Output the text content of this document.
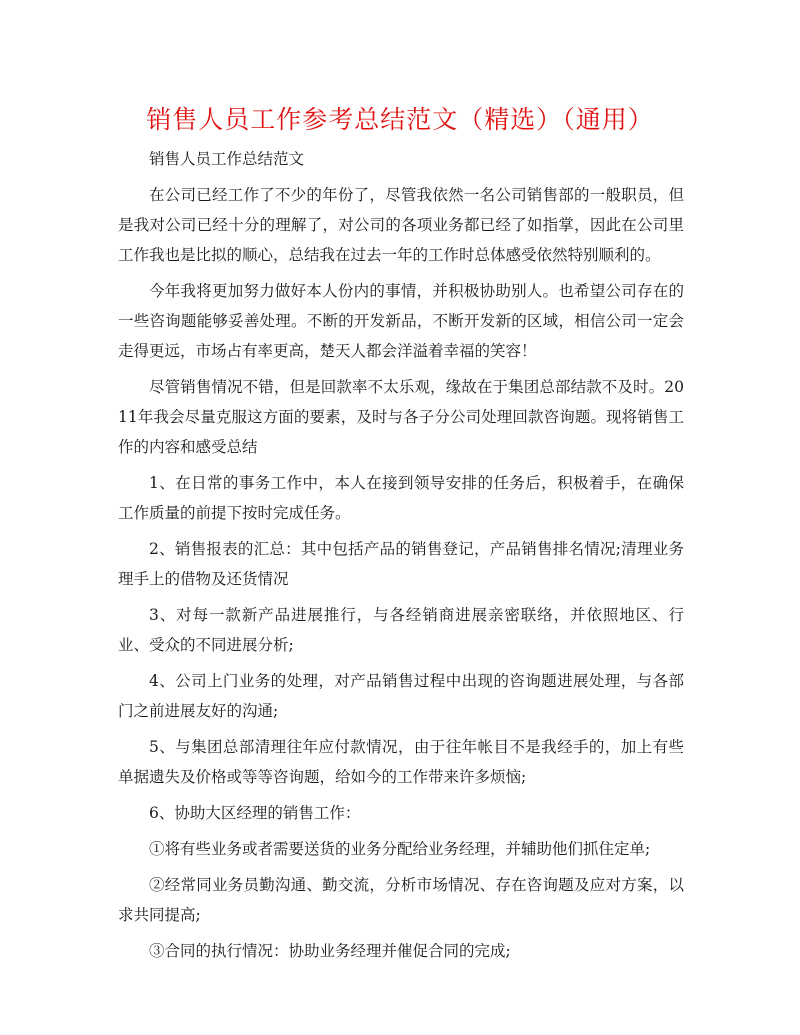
销售人员工作参考总结范文（精选）（通用）

销售人员工作总结范文

在公司已经工作了不少的年份了，尽管我依然一名公司销售部的一般职员，但是我对公司已经十分的理解了，对公司的各项业务都已经了如指掌，因此在公司里工作我也是比拟的顺心，总结我在过去一年的工作时总体感受依然特别顺利的。

今年我将更加努力做好本人份内的事情，并积极协助别人。也希望公司存在的一些咨询题能够妥善处理。不断的开发新品，不断开发新的区域，相信公司一定会走得更远，市场占有率更高，楚天人都会洋溢着幸福的笑容！

尽管销售情况不错，但是回款率不太乐观，缘故在于集团总部结款不及时。2011年我会尽量克服这方面的要素，及时与各子分公司处理回款咨询题。现将销售工作的内容和感受总结

1、在日常的事务工作中，本人在接到领导安排的任务后，积极着手，在确保工作质量的前提下按时完成任务。

2、销售报表的汇总：其中包括产品的销售登记，产品销售排名情况;清理业务理手上的借物及还货情况

3、对每一款新产品进展推行，与各经销商进展亲密联络，并依照地区、行业、受众的不同进展分析;

4、公司上门业务的处理，对产品销售过程中出现的咨询题进展处理，与各部门之前进展友好的沟通;

5、与集团总部清理往年应付款情况，由于往年帐目不是我经手的，加上有些单据遗失及价格或等等咨询题，给如今的工作带来许多烦恼;

6、协助大区经理的销售工作：

①将有些业务或者需要送货的业务分配给业务经理，并辅助他们抓住定单;

②经常同业务员勤沟通、勤交流，分析市场情况、存在咨询题及应对方案，以求共同提高;

③合同的执行情况：协助业务经理并催促合同的完成;
